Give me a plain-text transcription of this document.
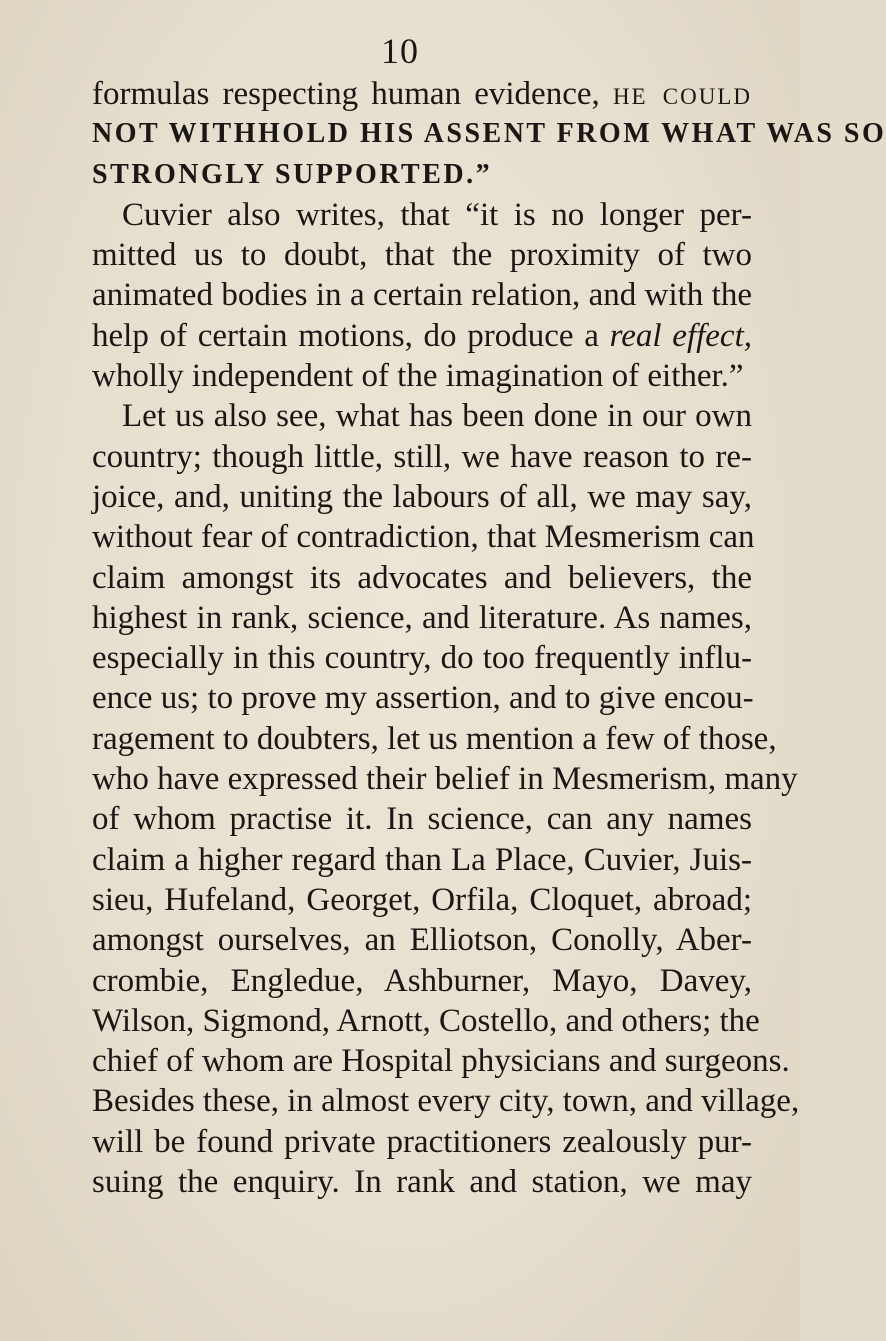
10
formulas respecting human evidence, he could
NOT WITHHOLD HIS ASSENT FROM WHAT WAS SO
STRONGLY SUPPORTED.”
Cuvier also writes, that “it is no longer per-
mitted us to doubt, that the proximity of two
animated bodies in a certain relation, and with the
help of certain motions, do produce a real effect,
wholly independent of the imagination of either.”
Let us also see, what has been done in our own
country; though little, still, we have reason to re-
joice, and, uniting the labours of all, we may say,
without fear of contradiction, that Mesmerism can
claim amongst its advocates and believers, the
highest in rank, science, and literature. As names,
especially in this country, do too frequently influ-
ence us; to prove my assertion, and to give encou-
ragement to doubters, let us mention a few of those,
who have expressed their belief in Mesmerism, many
of whom practise it. In science, can any names
claim a higher regard than La Place, Cuvier, Juis-
sieu, Hufeland, Georget, Orfila, Cloquet, abroad;
amongst ourselves, an Elliotson, Conolly, Aber-
crombie, Engledue, Ashburner, Mayo, Davey,
Wilson, Sigmond, Arnott, Costello, and others; the
chief of whom are Hospital physicians and surgeons.
Besides these, in almost every city, town, and village,
will be found private practitioners zealously pur-
suing the enquiry. In rank and station, we may
